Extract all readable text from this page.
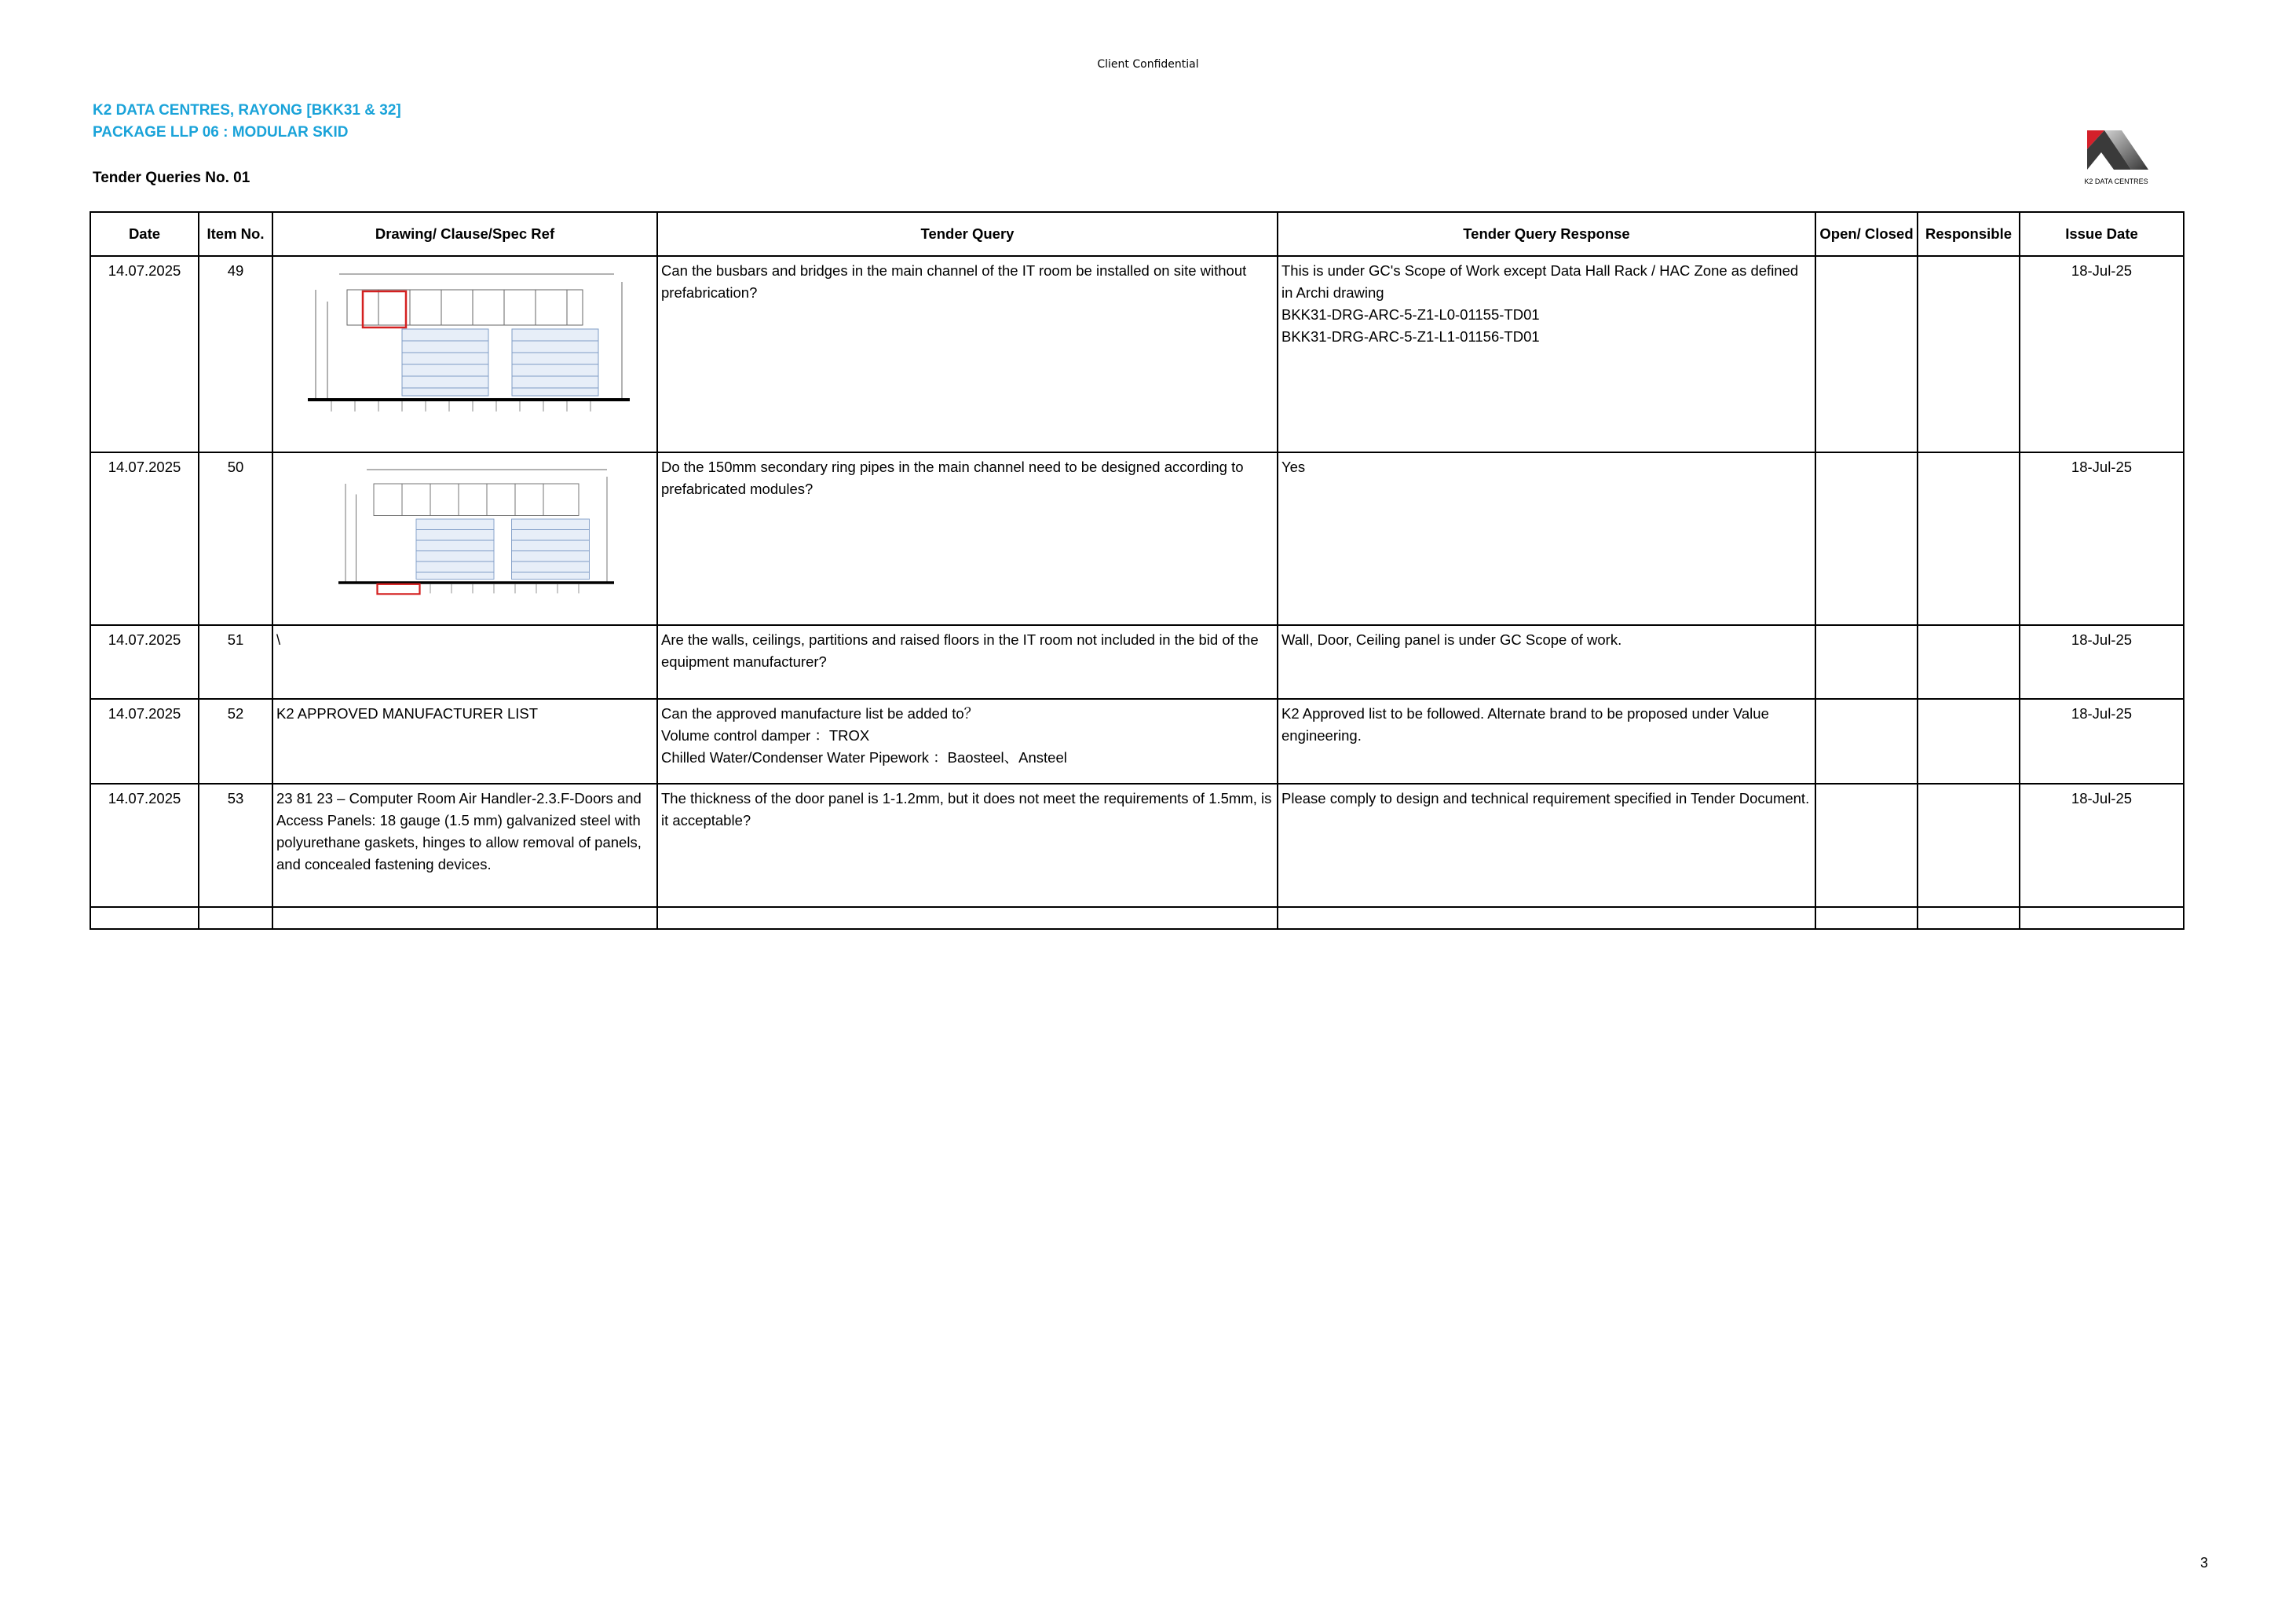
Client Confidential
K2 DATA CENTRES, RAYONG [BKK31 & 32]
PACKAGE LLP 06 : MODULAR SKID
Tender Queries No. 01	K2 DATA CENTRES
Date	Item No.	Drawing/ Clause/Spec Ref	Tender Query	Tender Query Response	Open/ Closed	Responsible	Issue Date
14.07.2025	49		Can the busbars and bridges in the main channel of the IT room be installed on site without prefabrication?	This is under GC's Scope of Work except Data Hall Rack / HAC Zone as defined in Archi drawing
BKK31-DRG-ARC-5-Z1-L0-01155-TD01
BKK31-DRG-ARC-5-Z1-L1-01156-TD01			18-Jul-25
14.07.2025	50		Do the 150mm secondary ring pipes in the main channel need to be designed according to prefabricated modules?	Yes			18-Jul-25
14.07.2025	51	\	Are the walls, ceilings, partitions and raised floors in the IT room not included in the bid of the equipment manufacturer?	Wall, Door, Ceiling panel is under GC Scope of work.			18-Jul-25
14.07.2025	52	K2 APPROVED MANUFACTURER LIST	Can the approved manufacture list be added to？
Volume control damper ：TROX
Chilled Water/Condenser Water Pipework ：Baosteel、Ansteel	K2 Approved list to be followed. Alternate brand to be proposed under Value engineering.			18-Jul-25
14.07.2025	53	23 81 23 – Computer Room Air Handler-2.3.F-Doors and Access Panels: 18 gauge (1.5 mm) galvanized steel with polyurethane gaskets, hinges to allow removal of panels, and concealed fastening devices.	The thickness of the door panel is 1-1.2mm, but it does not meet the requirements of 1.5mm, is it acceptable?	Please comply to design and technical requirement specified in Tender Document.			18-Jul-25

3
